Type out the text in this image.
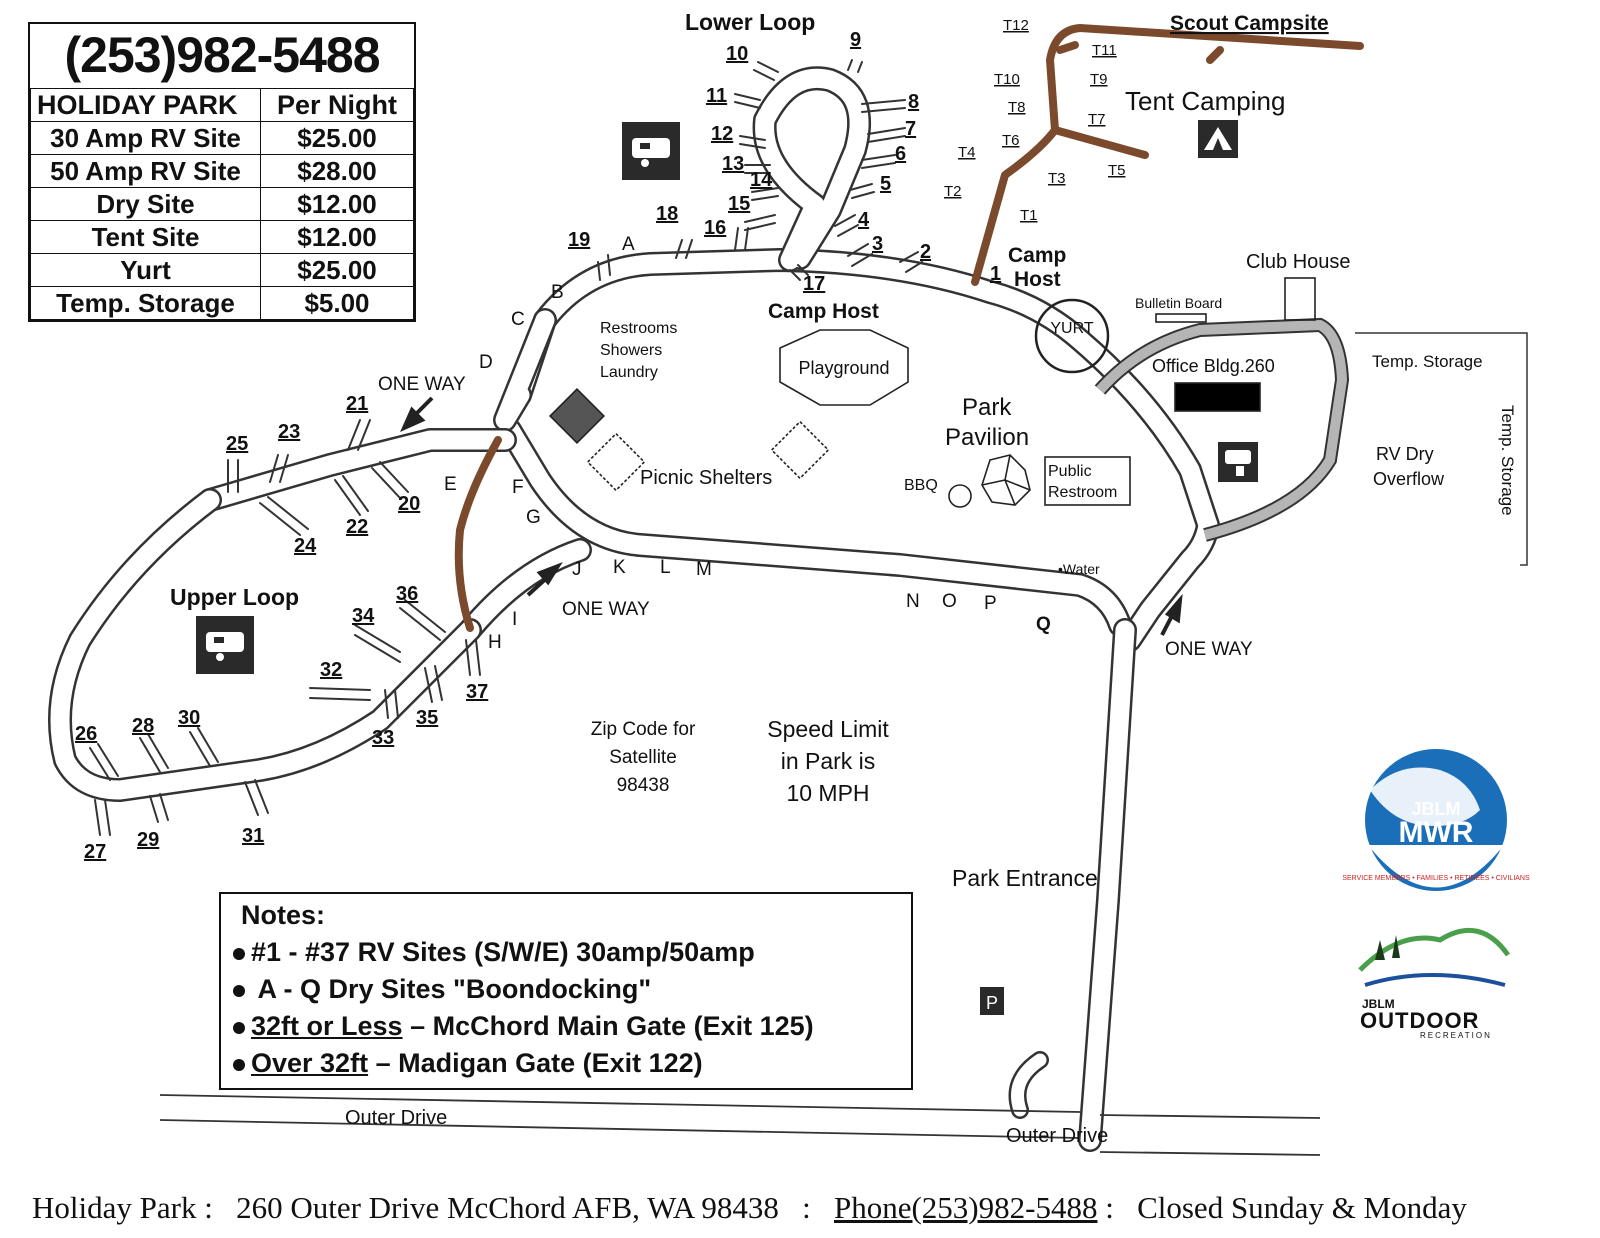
JBLM
MWR
SERVICE MEMBERS • FAMILIES • RETIREES • CIVILIANS
JBLM
OUTDOOR
RECREATION
Lower Loop
Upper Loop
Scout Campsite
Tent Camping
Camp
Host
Camp Host
Club House
Bulletin Board
YURT
Office Bldg.260	Temp. Storage
Temp. Storage
RV Dry
Overflow
Restrooms
Showers
Laundry	Playground
Picnic Shelters
Park
Pavilion
Public
Restroom
BBQ
•Water
ONE WAY
ONE WAY
ONE WAY
Zip Code for
Satellite
98438
Speed Limit
in Park is
10 MPH
Park Entrance
Outer Drive
Outer Drive
P
1
2
3
4
5
6
7
8
9
10
11
12
13
14
15
16
17
18
19
20
21
22
23
24
25
26
27
28
29
30
31
32
33
34
35
36
37
A
B
C
D
E	F
G
H
I
J K L M
N O P
Q
T1
T2
T3
T4
T5
T6
T7
T8
T9
T10
T11
T12
(253)982-5488
HOLIDAY PARK	Per Night
30 Amp RV Site	$25.00
50 Amp RV Site	$28.00
Dry Site	$12.00
Tent Site	$12.00
Yurt	$25.00
Temp. Storage	$5.00
Notes:
#1 - #37 RV Sites (S/W/E) 30amp/50amp
A - Q Dry Sites "Boondocking"
32ft or Less – McChord Main Gate (Exit 125)
Over 32ft – Madigan Gate (Exit 122)
Holiday Park : 260 Outer Drive McChord AFB, WA 98438 : Phone(253)982-5488 : Closed Sunday & Monday
